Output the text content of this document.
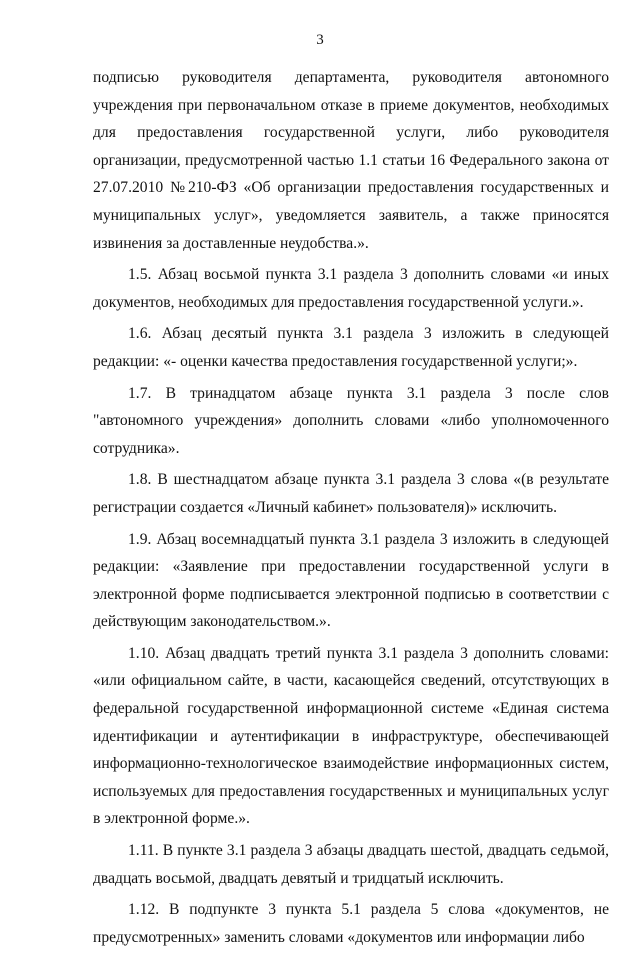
3

подписью руководителя департамента, руководителя автономного учреждения при первоначальном отказе в приеме документов, необходимых для предоставления государственной услуги, либо руководителя организации, предусмотренной частью 1.1 статьи 16 Федерального закона от 27.07.2010 №210-ФЗ «Об организации предоставления государственных и муниципальных услуг», уведомляется заявитель, а также приносятся извинения за доставленные неудобства.».

1.5. Абзац восьмой пункта 3.1 раздела 3 дополнить словами «и иных документов, необходимых для предоставления государственной услуги.».

1.6. Абзац десятый пункта 3.1 раздела 3 изложить в следующей редакции: «- оценки качества предоставления государственной услуги;».

1.7. В тринадцатом абзаце пункта 3.1 раздела 3 после слов "автономного учреждения» дополнить словами «либо уполномоченного сотрудника».

1.8. В шестнадцатом абзаце пункта 3.1 раздела 3 слова «(в результате регистрации создается «Личный кабинет» пользователя)» исключить.

1.9. Абзац восемнадцатый пункта 3.1 раздела 3 изложить в следующей редакции: «Заявление при предоставлении государственной услуги в электронной форме подписывается электронной подписью в соответствии с действующим законодательством.».

1.10. Абзац двадцать третий пункта 3.1 раздела 3 дополнить словами: «или официальном сайте, в части, касающейся сведений, отсутствующих в федеральной государственной информационной системе «Единая система идентификации и аутентификации в инфраструктуре, обеспечивающей информационно-технологическое взаимодействие информационных систем, используемых для предоставления государственных и муниципальных услуг в электронной форме.».

1.11. В пункте 3.1 раздела 3 абзацы двадцать шестой, двадцать седьмой, двадцать восьмой, двадцать девятый и тридцатый исключить.

1.12. В подпункте 3 пункта 5.1 раздела 5 слова «документов, не предусмотренных» заменить словами «документов или информации либо
